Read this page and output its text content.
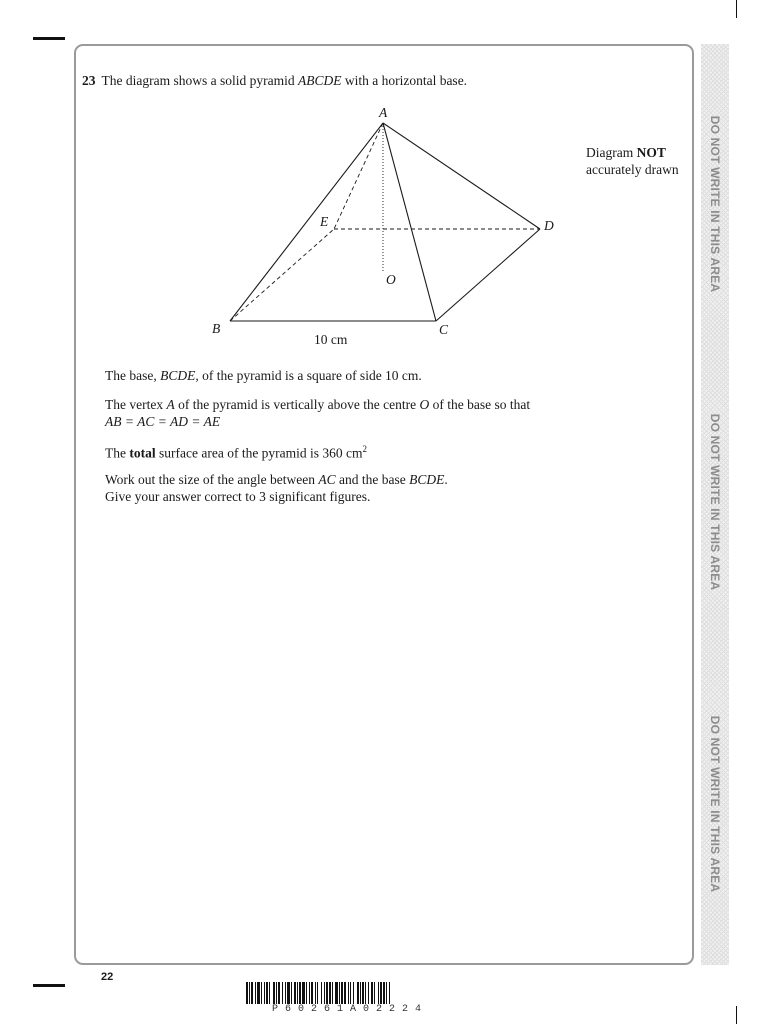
DO NOT WRITE IN THIS AREA
DO NOT WRITE IN THIS AREA
DO NOT WRITE IN THIS AREA
23 The diagram shows a solid pyramid ABCDE with a horizontal base.
A
B	C
D
E
O
10 cm
Diagram NOT
accurately drawn
The base, BCDE, of the pyramid is a square of side 10 cm.
The vertex A of the pyramid is vertically above the centre O of the base so that
AB = AC = AD = AE
The total surface area of the pyramid is 360 $cm^2$
Work out the size of the angle between AC and the base BCDE.
Give your answer correct to 3 significant figures.
22
P60261A02224
